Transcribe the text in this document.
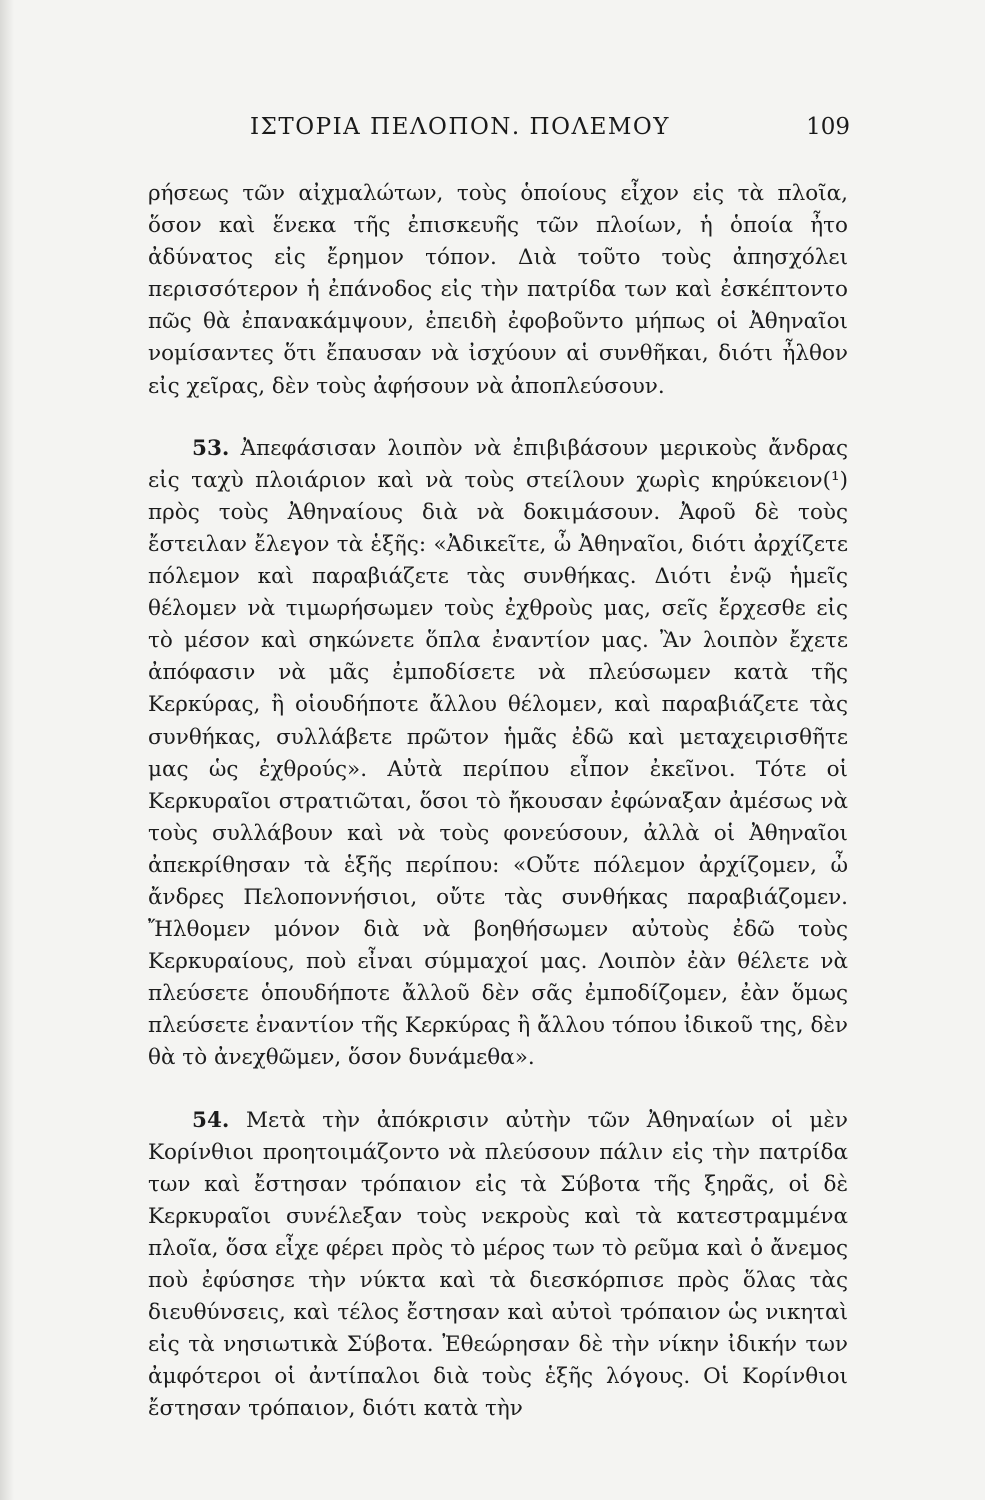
ΙΣΤΟΡΙΑ ΠΕΛΟΠΟΝ. ΠΟΛΕΜΟΥ	109

ρήσεως τῶν αἰχμαλώτων, τοὺς ὁποίους εἶχον εἰς τὰ πλοῖα, ὅσον καὶ ἕνεκα τῆς ἐπισκευῆς τῶν πλοίων, ἡ ὁποία ἦτο ἀδύνατος εἰς ἔρημον τόπον. Διὰ τοῦτο τοὺς ἀπησχόλει περισσότερον ἡ ἐπάνοδος εἰς τὴν πατρίδα των καὶ ἐσκέπτοντο πῶς θὰ ἐπανακάμψουν, ἐπειδὴ ἐφοβοῦντο μήπως οἱ Ἀθηναῖοι νομίσαντες ὅτι ἔπαυσαν νὰ ἰσχύουν αἱ συνθῆκαι, διότι ἦλθον εἰς χεῖρας, δὲν τοὺς ἀφήσουν νὰ ἀποπλεύσουν.

53. Ἀπεφάσισαν λοιπὸν νὰ ἐπιβιβάσουν μερικοὺς ἄνδρας εἰς ταχὺ πλοιάριον καὶ νὰ τοὺς στείλουν χωρὶς κηρύκειον(¹) πρὸς τοὺς Ἀθηναίους διὰ νὰ δοκιμάσουν. Ἀφοῦ δὲ τοὺς ἔστειλαν ἔλεγον τὰ ἑξῆς: «Ἀδικεῖτε, ὦ Ἀθηναῖοι, διότι ἀρχίζετε πόλεμον καὶ παραβιάζετε τὰς συνθήκας. Διότι ἐνῷ ἡμεῖς θέλομεν νὰ τιμωρήσωμεν τοὺς ἐχθροὺς μας, σεῖς ἔρχεσθε εἰς τὸ μέσον καὶ σηκώνετε ὅπλα ἐναντίον μας. Ἂν λοιπὸν ἔχετε ἀπόφασιν νὰ μᾶς ἐμποδίσετε νὰ πλεύσωμεν κατὰ τῆς Κερκύρας, ἢ οἱουδήποτε ἄλλου θέλομεν, καὶ παραβιάζετε τὰς συνθήκας, συλλάβετε πρῶτον ἡμᾶς ἐδῶ καὶ μεταχειρισθῆτε μας ὡς ἐχθρούς». Αὐτὰ περίπου εἶπον ἐκεῖνοι. Τότε οἱ Κερκυραῖοι στρατιῶται, ὅσοι τὸ ἤκουσαν ἐφώναξαν ἀμέσως νὰ τοὺς συλλάβουν καὶ νὰ τοὺς φονεύσουν, ἀλλὰ οἱ Ἀθηναῖοι ἀπεκρίθησαν τὰ ἑξῆς περίπου: «Οὔτε πόλεμον ἀρχίζομεν, ὦ ἄνδρες Πελοποννήσιοι, οὔτε τὰς συνθήκας παραβιάζομεν. Ἤλθομεν μόνον διὰ νὰ βοηθήσωμεν αὐτοὺς ἐδῶ τοὺς Κερκυραίους, ποὺ εἶναι σύμμαχοί μας. Λοιπὸν ἐὰν θέλετε νὰ πλεύσετε ὁπουδήποτε ἄλλοῦ δὲν σᾶς ἐμποδίζομεν, ἐὰν ὅμως πλεύσετε ἐναντίον τῆς Κερκύρας ἢ ἄλλου τόπου ἰδικοῦ της, δὲν θὰ τὸ ἀνεχθῶμεν, ὅσον δυνάμεθα».

54. Μετὰ τὴν ἀπόκρισιν αὐτὴν τῶν Ἀθηναίων οἱ μὲν Κορίνθιοι προητοιμάζοντο νὰ πλεύσουν πάλιν εἰς τὴν πατρίδα των καὶ ἔστησαν τρόπαιον εἰς τὰ Σύβοτα τῆς ξηρᾶς, οἱ δὲ Κερκυραῖοι συνέλεξαν τοὺς νεκροὺς καὶ τὰ κατεστραμμένα πλοῖα, ὅσα εἶχε φέρει πρὸς τὸ μέρος των τὸ ρεῦμα καὶ ὁ ἄνεμος ποὺ ἐφύσησε τὴν νύκτα καὶ τὰ διεσκόρπισε πρὸς ὅλας τὰς διευθύνσεις, καὶ τέλος ἔστησαν καὶ αὐτοὶ τρόπαιον ὡς νικηταὶ εἰς τὰ νησιωτικὰ Σύβοτα. Ἐθεώρησαν δὲ τὴν νίκην ἰδικήν των ἀμφότεροι οἱ ἀντίπαλοι διὰ τοὺς ἑξῆς λόγους. Οἱ Κορίνθιοι ἔστησαν τρόπαιον, διότι κατὰ τὴν
